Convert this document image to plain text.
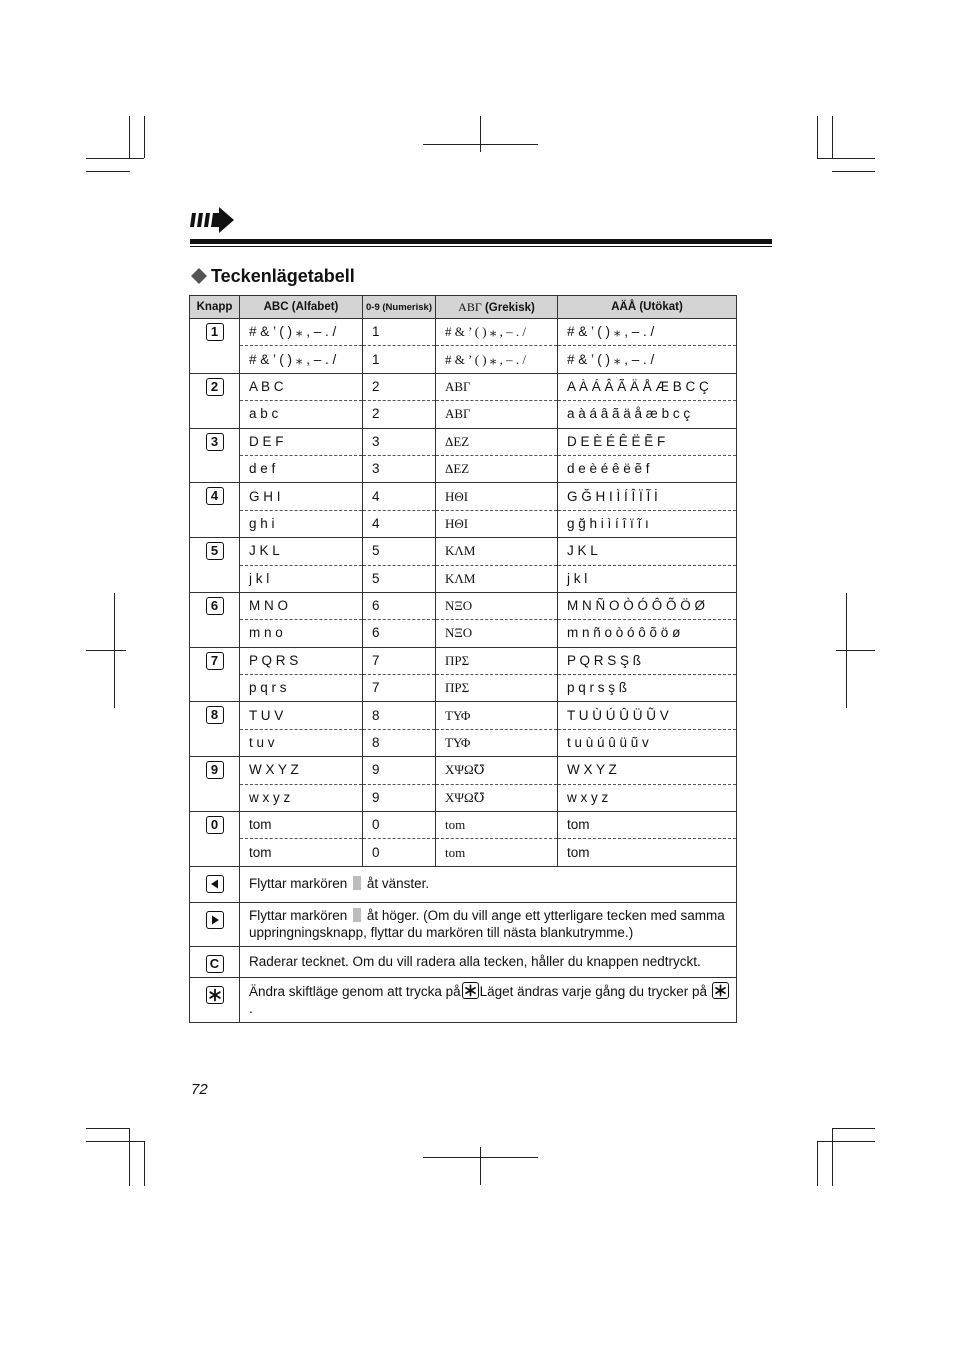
Teckenlägetabell
Knapp	ABC (Alfabet)	0-9 (Numerisk)	ΑΒΓ (Grekisk)	AÄÅ (Utökat)
1	# & ’ ( ) ⁎ , – . /	1	# & ’ ( ) ⁎ , – . /	# & ’ ( ) ⁎ , – . /
	# & ’ ( ) ⁎ , – . /	1	# & ’ ( ) ⁎ , – . /	# & ’ ( ) ⁎ , – . /
2	A B C	2	ΑΒΓ	A À Á Â Ã Ä Å Æ B C Ç
	a b c	2	ΑΒΓ	a à á â ã ä å æ b c ç
3	D E F	3	ΔΕΖ	D E È É Ê Ë Ẽ F
	d e f	3	ΔΕΖ	d e è é ê ë ẽ f
4	G H I	4	ΗΘΙ	G Ğ H I Ì Í Î Ï Ĩ İ
	g h i	4	ΗΘΙ	g ğ h i ì í î ï ĩ ı
5	J K L	5	ΚΛΜ	J K L
	j k l	5	ΚΛΜ	j k l
6	M N O	6	ΝΞΟ	M N Ñ O Ò Ó Ô Õ Ö Ø
	m n o	6	ΝΞΟ	m n ñ o ò ó ô õ ö ø
7	P Q R S	7	ΠΡΣ	P Q R S Ş ß
	p q r s	7	ΠΡΣ	p q r s ş ß
8	T U V	8	ΤΥΦ	T U Ù Ú Û Ü Ũ V
	t u v	8	ΤΥΦ	t u ù ú û ü ũ v
9	W X Y Z	9	ΧΨΩ℧	W X Y Z
	w x y z	9	ΧΨΩ℧	w x y z
0	tom	0	tom	tom
	tom	0	tom	tom

	Flyttar markören åt vänster.			

	Flyttar markören åt höger. (Om du vill ange ett ytterligare tecken med samma uppringningsknapp, flyttar du markören till nästa blankutrymme.)			
C	Raderar tecknet. Om du vill radera alla tecken, håller du knappen nedtryckt.			

	Ändra skiftläge genom att trycka på Läget ändras varje gång du trycker på
.			
72
